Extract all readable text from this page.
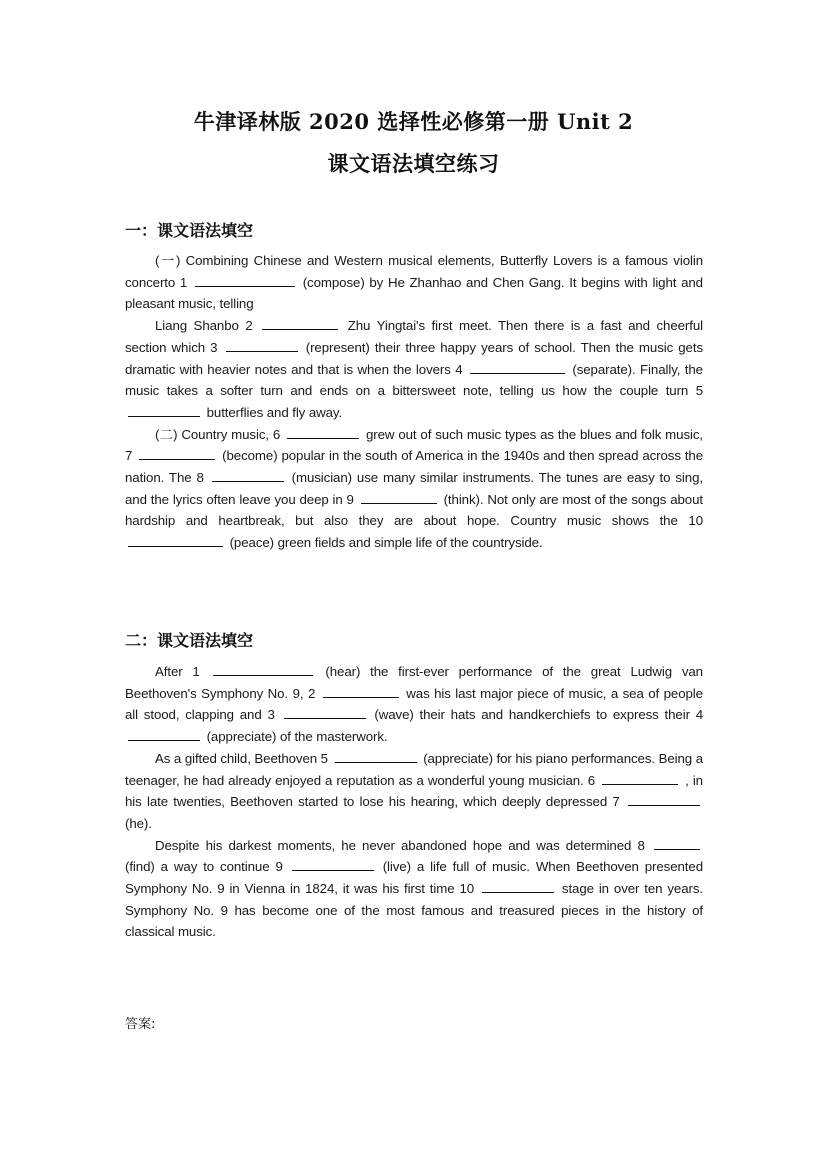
牛津译林版 2020 选择性必修第一册 Unit 2
课文语法填空练习
一：课文语法填空
(一) Combining Chinese and Western musical elements, Butterfly Lovers is a famous violin concerto 1	(compose) by He Zhanhao and Chen Gang. It begins with light and pleasant music, telling
Liang Shanbo 2	Zhu Yingtai's first meet. Then there is a fast and cheerful section which 3	(represent) their three happy years of school. Then the music gets dramatic with heavier notes and that is when the lovers 4	(separate). Finally, the music takes a softer turn and ends on a bittersweet note, telling us how the couple turn 5  butterflies and fly away.
(二) Country music, 6	grew out of such music types as the blues and folk music, 7	(become) popular in the south of America in the 1940s and then spread across the nation. The 8	(musician) use many similar instruments. The tunes are easy to sing, and the lyrics often leave you deep in 9	(think). Not only are most of the songs about hardship and heartbreak, but also they are about hope. Country music shows the 10  (peace) green fields and simple life of the countryside.
二：课文语法填空
After 1	(hear) the first-ever performance of the great Ludwig van Beethoven's Symphony No. 9, 2	was his last major piece of music, a sea of people all stood, clapping and 3	(wave) their hats and handkerchiefs to express their 4  (appreciate) of the masterwork.
As a gifted child, Beethoven 5	(appreciate) for his piano performances. Being a teenager, he had already enjoyed a reputation as a wonderful young musician. 6	, in his late twenties, Beethoven started to lose his hearing, which deeply depressed 7  (he).
Despite his darkest moments, he never abandoned hope and was determined 8  (find) a way to continue 9	(live) a life full of music. When Beethoven presented Symphony No. 9 in Vienna in 1824, it was his first time 10	stage in over ten years. Symphony No. 9 has become one of the most famous and treasured pieces in the history of classical music.
答案:
